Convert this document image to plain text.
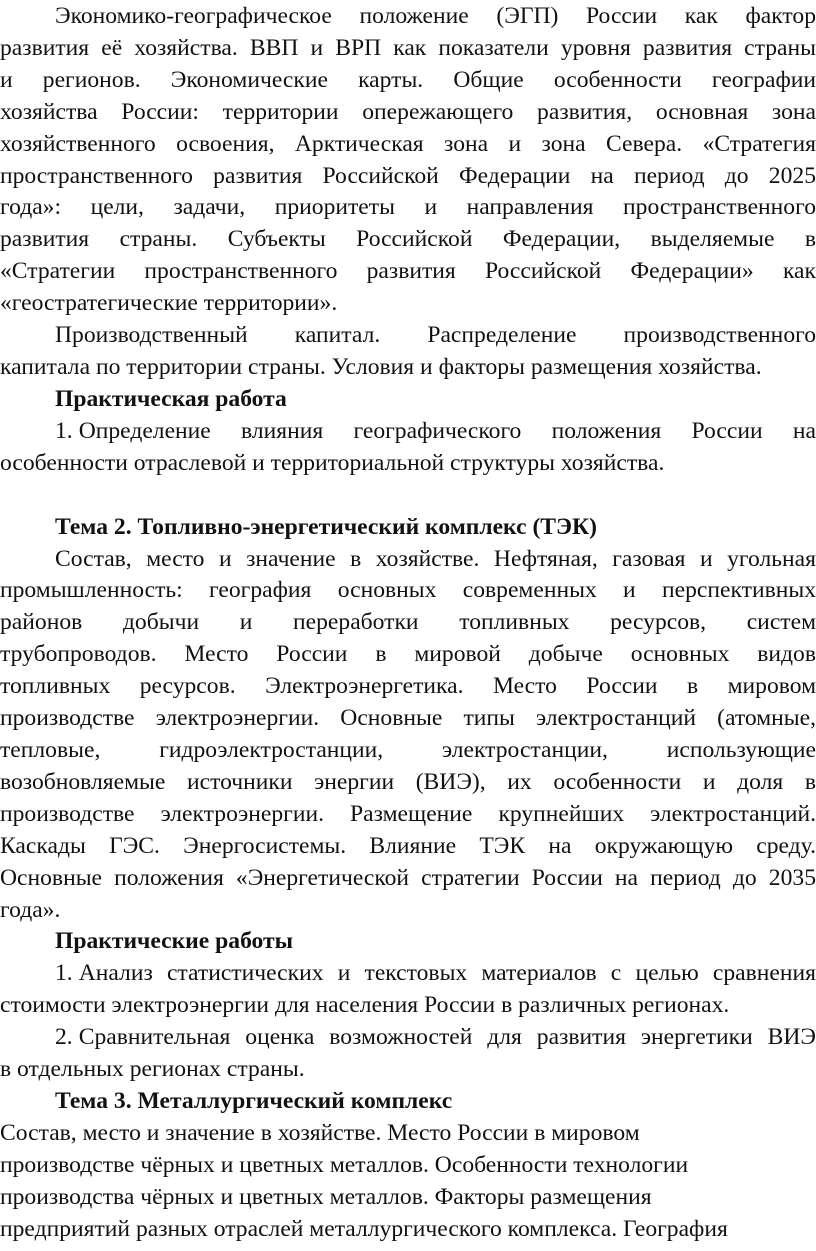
Экономико-географическое положение (ЭГП) России как фактор
развития её хозяйства. ВВП и ВРП как показатели уровня развития страны
и регионов. Экономические карты. Общие особенности географии
хозяйства России: территории опережающего развития, основная зона
хозяйственного освоения, Арктическая зона и зона Севера. «Стратегия
пространственного развития Российской Федерации на период до 2025
года»: цели, задачи, приоритеты и направления пространственного
развития страны. Субъекты Российской Федерации, выделяемые в
«Стратегии пространственного развития Российской Федерации» как
«геостратегические территории».
Производственный капитал. Распределение производственного
капитала по территории страны. Условия и факторы размещения хозяйства.
Практическая работа
1. Определение влияния географического положения России на
особенности отраслевой и территориальной структуры хозяйства.
Тема 2. Топливно-энергетический комплекс (ТЭК)
Состав, место и значение в хозяйстве. Нефтяная, газовая и угольная
промышленность: география основных современных и перспективных
районов добычи и переработки топливных ресурсов, систем
трубопроводов. Место России в мировой добыче основных видов
топливных ресурсов. Электроэнергетика. Место России в мировом
производстве электроэнергии. Основные типы электростанций (атомные,
тепловые, гидроэлектростанции, электростанции, использующие
возобновляемые источники энергии (ВИЭ), их особенности и доля в
производстве электроэнергии. Размещение крупнейших электростанций.
Каскады ГЭС. Энергосистемы. Влияние ТЭК на окружающую среду.
Основные положения «Энергетической стратегии России на период до 2035
года».
Практические работы
1. Анализ статистических и текстовых материалов с целью сравнения
стоимости электроэнергии для населения России в различных регионах.
2. Сравнительная оценка возможностей для развития энергетики ВИЭ
в отдельных регионах страны.
Тема 3. Металлургический комплекс
Состав, место и значение в хозяйстве. Место России в мировом
производстве чёрных и цветных металлов. Особенности технологии
производства чёрных и цветных металлов. Факторы размещения
предприятий разных отраслей металлургического комплекса. География
